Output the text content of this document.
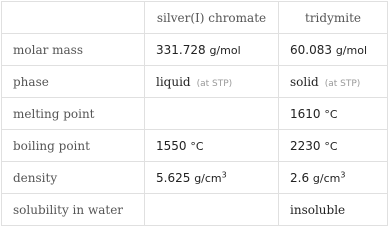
	silver(I) chromate	tridymite
molar mass	331.728 g/mol	60.083 g/mol
phase	liquid (at STP)	solid (at STP)
melting point		1610 °C
boiling point	1550 °C	2230 °C
density	5.625 $g/cm^3$	2.6 $g/cm^3$
solubility in water		insoluble
